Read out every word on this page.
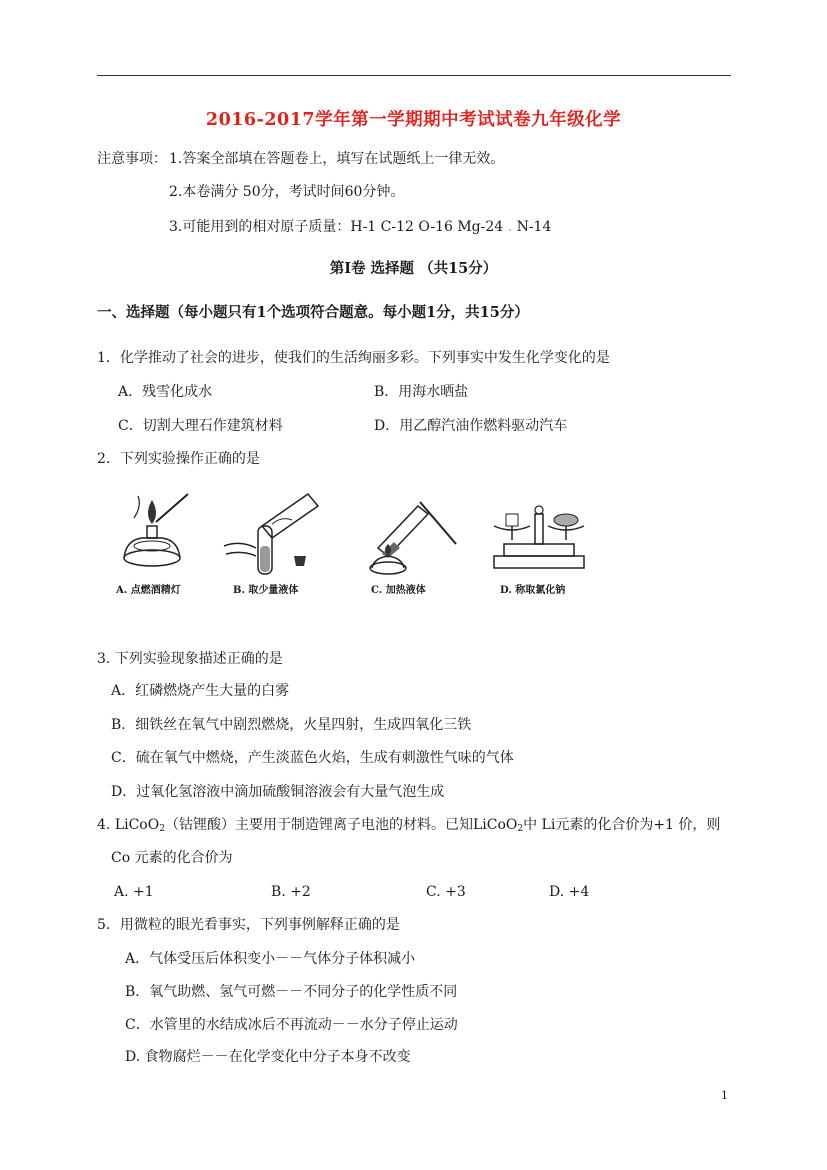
2016-2017学年第一学期期中考试试卷九年级化学
注意事项： 1.答案全部填在答题卷上，填写在试题纸上一律无效。
2.本卷满分 50分，考试时间60分钟。
3.可能用到的相对原子质量：H-1 C-12 O-16 Mg-24 . N-14
第Ⅰ卷 选择题 （共15分）
一、选择题（每小题只有1个选项符合题意。每小题1分，共15分）
1．化学推动了社会的进步，使我们的生活绚丽多彩。下列事实中发生化学变化的是
A．残雪化成水	B．用海水晒盐
C．切割大理石作建筑材料	D．用乙醇汽油作燃料驱动汽车
2．下列实验操作正确的是
A. 点燃酒精灯	B. 取少量液体	C. 加热液体	D. 称取氯化钠
3. 下列实验现象描述正确的是
A．红磷燃烧产生大量的白雾
B．细铁丝在氧气中剧烈燃烧，火星四射，生成四氧化三铁
C．硫在氧气中燃烧，产生淡蓝色火焰，生成有刺激性气味的气体
D．过氧化氢溶液中滴加硫酸铜溶液会有大量气泡生成
4. LiCoO$_2$（钴锂酸）主要用于制造锂离子电池的材料。已知LiCoO$_2$中 Li元素的化合价为+1 价，则
Co 元素的化合价为
A. +1	B. +2	C. +3	D. +4
5．用微粒的眼光看事实，下列事例解释正确的是
A．气体受压后体积变小－－气体分子体积减小
B．氧气助燃、氢气可燃－－不同分子的化学性质不同
C．水管里的水结成冰后不再流动－－水分子停止运动
D. 食物腐烂－－在化学变化中分子本身不改变
1
